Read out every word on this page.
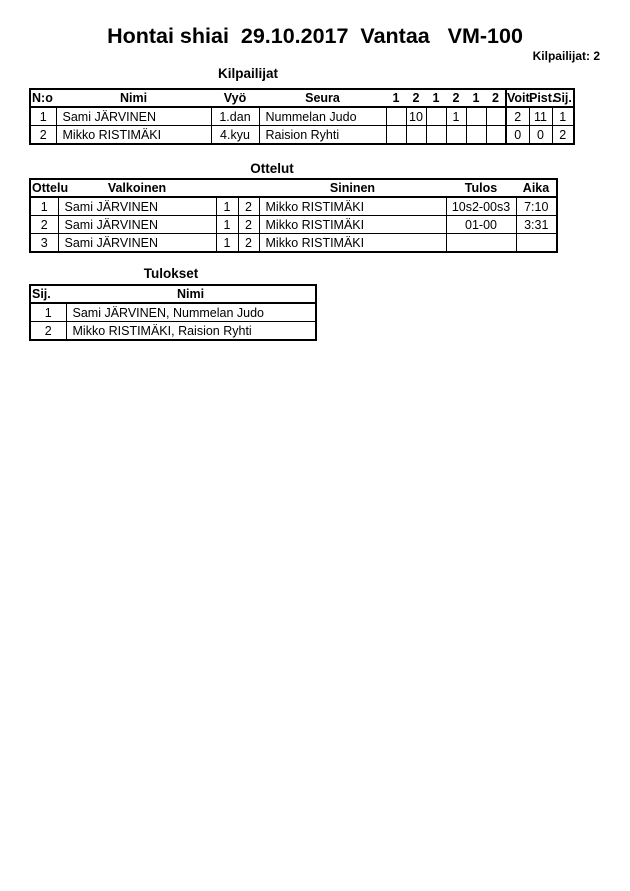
Hontai shiai  29.10.2017  Vantaa   VM-100
Kilpailijat: 2
Kilpailijat
N:o	Nimi	Vyö	Seura	1	2	1	2	1	2	Voit.	Pist.	Sij.
1	Sami JÄRVINEN	1.dan	Nummelan Judo		10		1			2	11	1
2	Mikko RISTIMÄKI	4.kyu	Raision Ryhti							0	0	2
Ottelut
Ottelu	Valkoinen			Sininen	Tulos	Aika
1	Sami JÄRVINEN	1	2	Mikko RISTIMÄKI	10s2-00s3	7:10
2	Sami JÄRVINEN	1	2	Mikko RISTIMÄKI	01-00	3:31
3	Sami JÄRVINEN	1	2	Mikko RISTIMÄKI		
Tulokset
Sij.	Nimi
1	Sami JÄRVINEN, Nummelan Judo
2	Mikko RISTIMÄKI, Raision Ryhti
